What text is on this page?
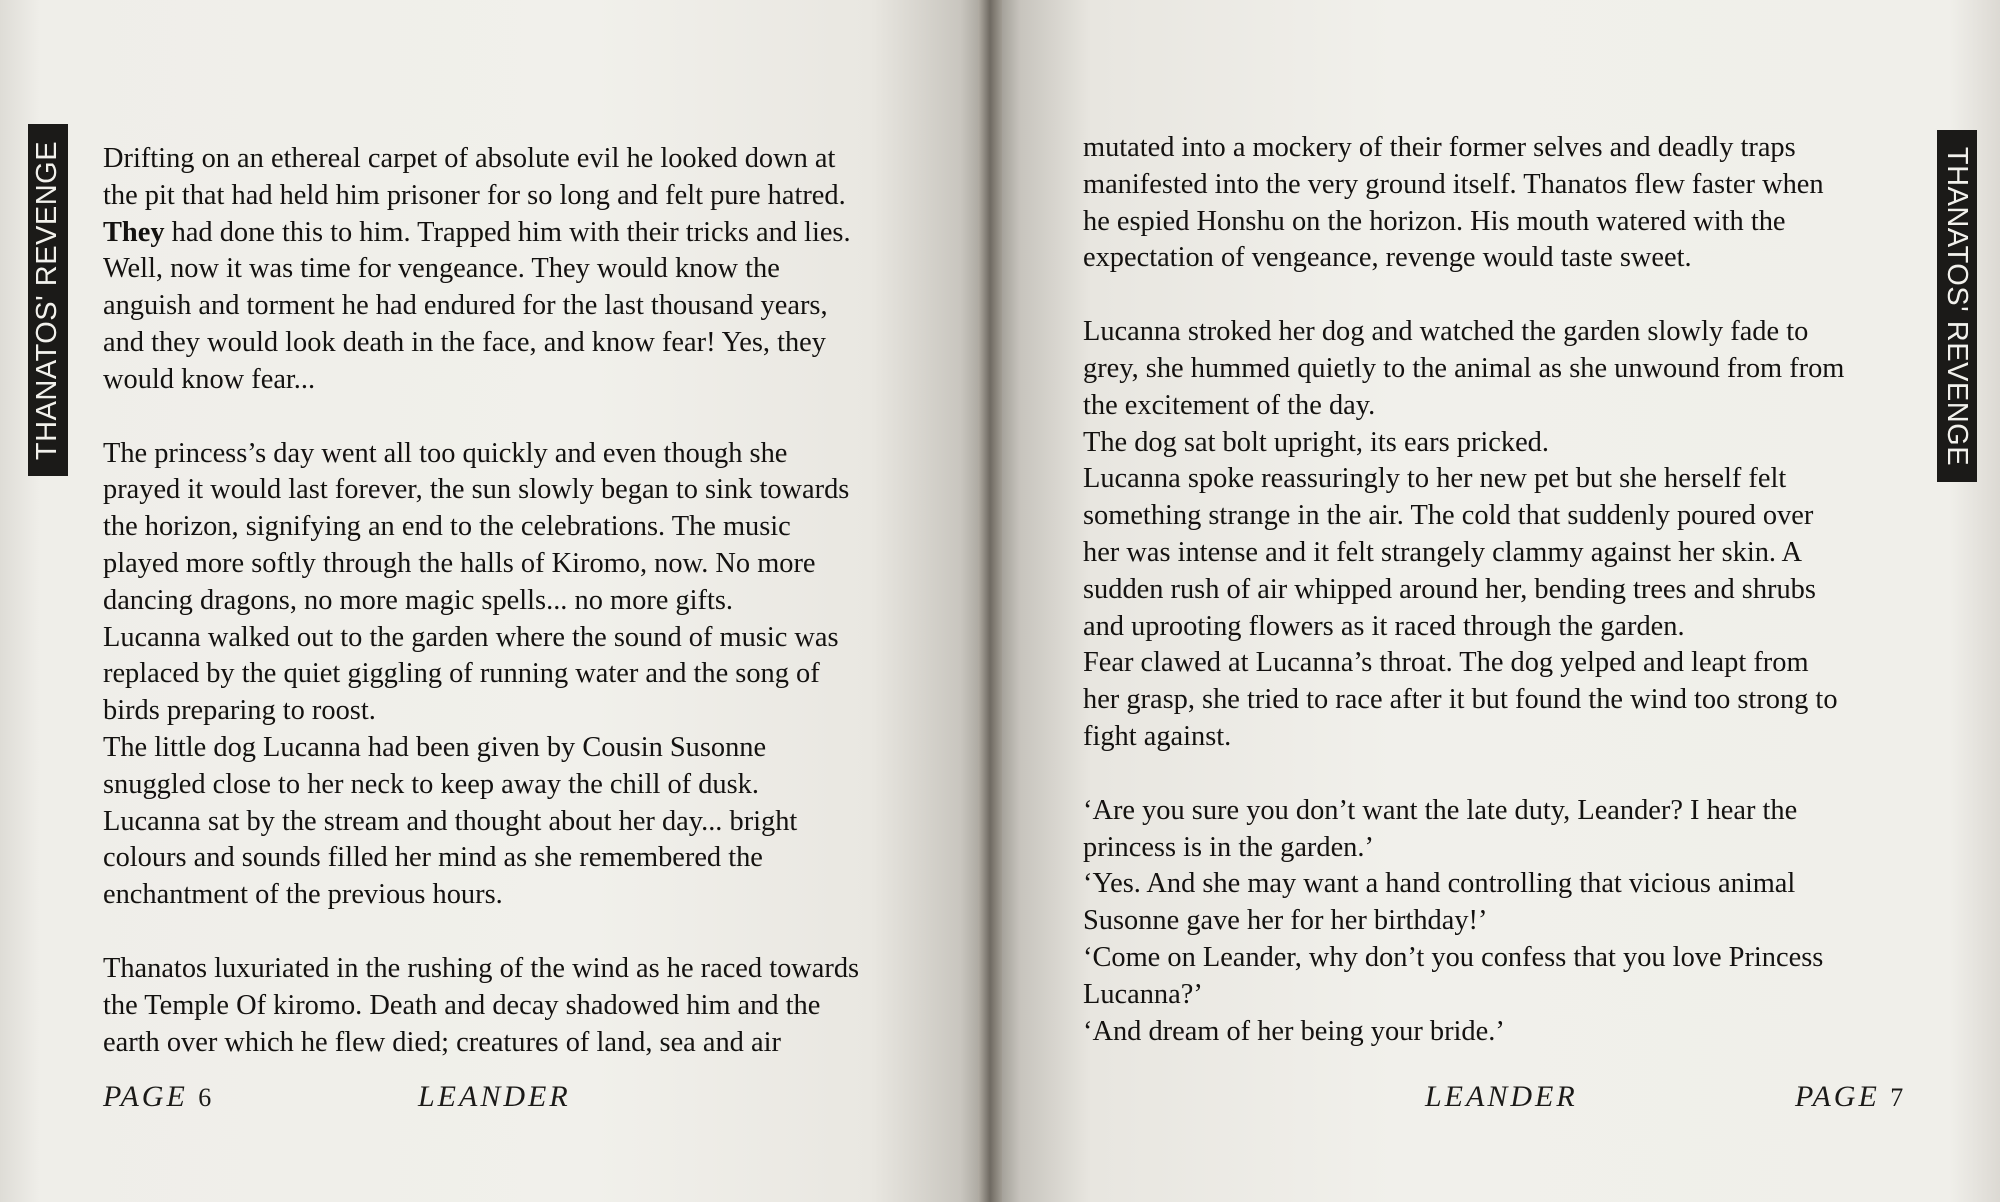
THANATOS' REVENGE Drifting on an ethereal carpet of absolute evil he looked down at
the pit that had held him prisoner for so long and felt pure hatred.
They had done this to him. Trapped him with their tricks and lies.
Well, now it was time for vengeance. They would know the
anguish and torment he had endured for the last thousand years,
and they would look death in the face, and know fear! Yes, they
would know fear...

The princess’s day went all too quickly and even though she
prayed it would last forever, the sun slowly began to sink towards
the horizon, signifying an end to the celebrations. The music
played more softly through the halls of Kiromo, now. No more
dancing dragons, no more magic spells... no more gifts.
Lucanna walked out to the garden where the sound of music was
replaced by the quiet giggling of running water and the song of
birds preparing to roost.
The little dog Lucanna had been given by Cousin Susonne
snuggled close to her neck to keep away the chill of dusk.
Lucanna sat by the stream and thought about her day... bright
colours and sounds filled her mind as she remembered the
enchantment of the previous hours.

Thanatos luxuriated in the rushing of the wind as he raced towards
the Temple Of kiromo. Death and decay shadowed him and the
earth over which he flew died; creatures of land, sea and air

PAGE 6	LEANDER

mutated into a mockery of their former selves and deadly traps
manifested into the very ground itself. Thanatos flew faster when
he espied Honshu on the horizon. His mouth watered with the
expectation of vengeance, revenge would taste sweet.

Lucanna stroked her dog and watched the garden slowly fade to
grey, she hummed quietly to the animal as she unwound from from
the excitement of the day.
The dog sat bolt upright, its ears pricked.
Lucanna spoke reassuringly to her new pet but she herself felt
something strange in the air. The cold that suddenly poured over
her was intense and it felt strangely clammy against her skin. A
sudden rush of air whipped around her, bending trees and shrubs
and uprooting flowers as it raced through the garden.
Fear clawed at Lucanna’s throat. The dog yelped and leapt from
her grasp, she tried to race after it but found the wind too strong to
fight against.

‘Are you sure you don’t want the late duty, Leander? I hear the
princess is in the garden.’
‘Yes. And she may want a hand controlling that vicious animal
Susonne gave her for her birthday!’
‘Come on Leander, why don’t you confess that you love Princess
Lucanna?’
‘And dream of her being your bride.’

THANATOS' REVENGE
LEANDER	PAGE 7
